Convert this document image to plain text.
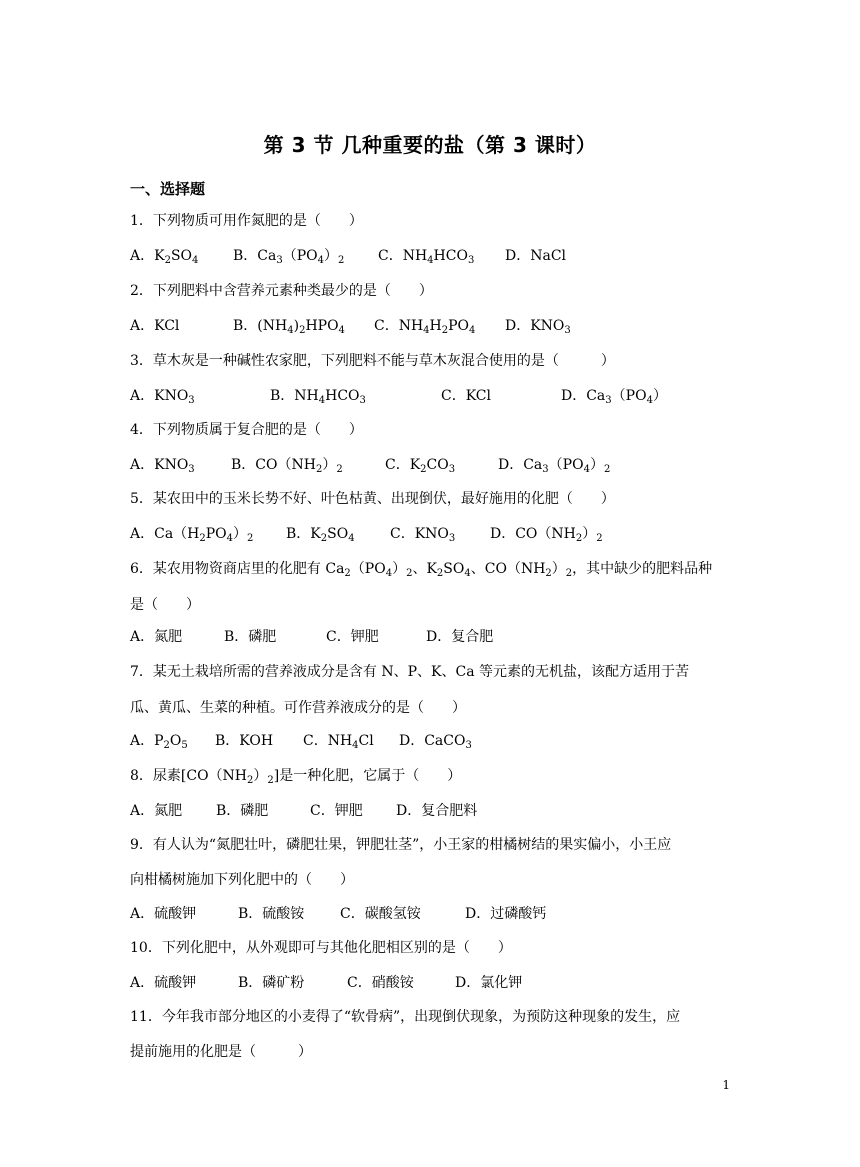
第 3 节 几种重要的盐（第 3 课时）
一、选择题
1．下列物质可用作氮肥的是（　　）
A．$K_2SO_4$ B．$Ca_3(PO_4)_2$ C．$NH_4HCO_3$ D．NaCl
2．下列肥料中含营养元素种类最少的是（　　）
A．KCl	B．$(NH_4)_2HPO_4$ C．$NH_4H_2PO_4$ D．$KNO_3$
3．草木灰是一种碱性农家肥，下列肥料不能与草木灰混合使用的是（　　　）
A．$KNO_3$	B．$NH_4HCO_3$	C．KCl	D．$Ca_3(PO_4)$
4．下列物质属于复合肥的是（　　）
A．$KNO_3$	B．$CO(NH_2)_2$	C．$K_2CO_3$	D．$Ca_3(PO_4)_2$
5．某农田中的玉米长势不好、叶色枯黄、出现倒伏，最好施用的化肥（　　）
A．$Ca(H_2PO_4)_2$ B．$K_2SO_4$	C．$KNO_3$ D．$CO(NH_2)_2$
6．某农用物资商店里的化肥有 $Ca_2(PO_4)_2$、$K_2SO_4$、$CO(NH_2)_2$，其中缺少的肥料品种
是（　　）
A．氮肥	B．磷肥	C．钾肥	D．复合肥
7．某无土栽培所需的营养液成分是含有 N、P、K、Ca 等元素的无机盐，该配方适用于苦
瓜、黄瓜、生菜的种植。可作营养液成分的是（　　）
A．$P_2O_5$ B．KOH C．$NH_4Cl$ D．CaCO$_3$
8．尿素$[CO(NH_2)_2]$是一种化肥，它属于（　　）
A．氮肥 B．磷肥	C．钾肥 D．复合肥料
9．有人认为“氮肥壮叶，磷肥壮果，钾肥壮茎”，小王家的柑橘树结的果实偏小，小王应
向柑橘树施加下列化肥中的（　　）
A．硫酸钾	B．硫酸铵	C．碳酸氢铵	D．过磷酸钙
10．下列化肥中，从外观即可与其他化肥相区别的是（　　）
A．硫酸钾	B．磷矿粉	C．硝酸铵	D．氯化钾
11．今年我市部分地区的小麦得了“软骨病”，出现倒伏现象，为预防这种现象的发生，应
提前施用的化肥是（　　　）
1
